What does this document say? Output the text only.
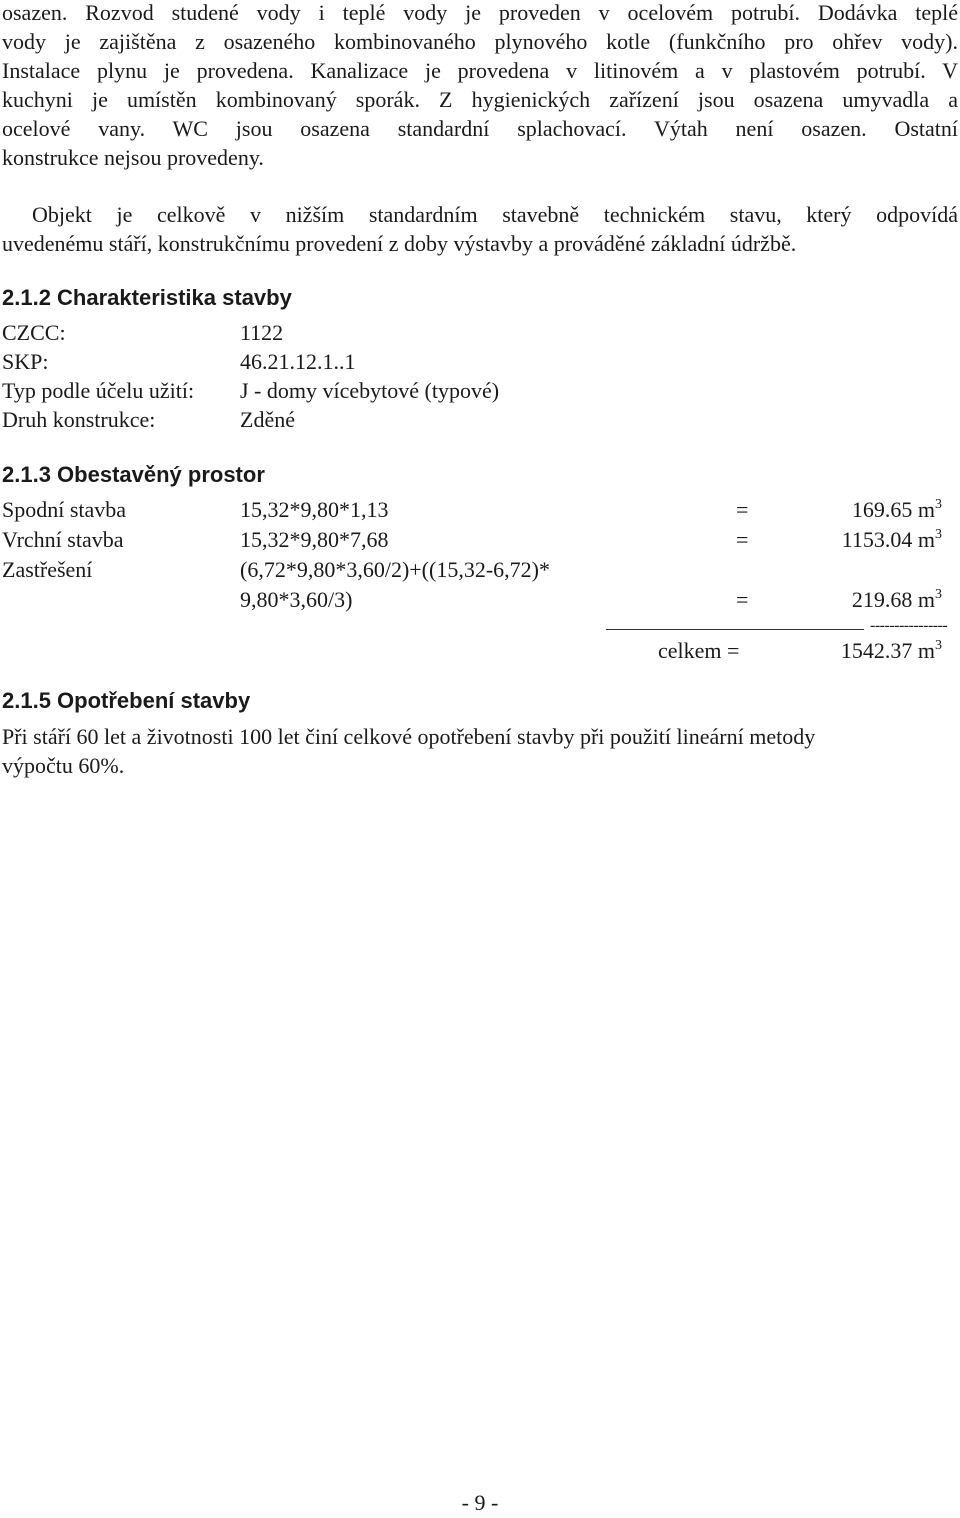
osazen. Rozvod studené vody i teplé vody je proveden v ocelovém potrubí. Dodávka teplé

vody je zajištěna z osazeného kombinovaného plynového kotle (funkčního pro ohřev vody).

Instalace plynu je provedena. Kanalizace je provedena v litinovém a v plastovém potrubí. V

kuchyni je umístěn kombinovaný sporák. Z hygienických zařízení jsou osazena umyvadla a

ocelové vany. WC jsou osazena standardní splachovací. Výtah není osazen. Ostatní

konstrukce nejsou provedeny.

Objekt je celkově v nižším standardním stavebně technickém stavu, který odpovídá

uvedenému stáří, konstrukčnímu provedení z doby výstavby a prováděné základní údržbě.

2.1.2 Charakteristika stavby
CZCC:	1122
SKP:	46.21.12.1..1
Typ podle účelu užití: J - domy vícebytové (typové)
Druh konstrukce:	Zděné
2.1.3 Obestavěný prostor
Spodní stavba	15,32*9,80*1,13	=	169.65 $m^3$
Vrchní stavba	15,32*9,80*7,68	=	1153.04 $m^3$
Zastřešení	(6,72*9,80*3,60/2)+((15,32-6,72)*
9,80*3,60/3)	=	219.68 $m^3$
----------------
celkem =	1542.37 $m^3$
2.1.5 Opotřebení stavby

Při stáří 60 let a životnosti 100 let činí celkové opotřebení stavby při použití lineární metody

výpočtu 60%.

- 9 -
